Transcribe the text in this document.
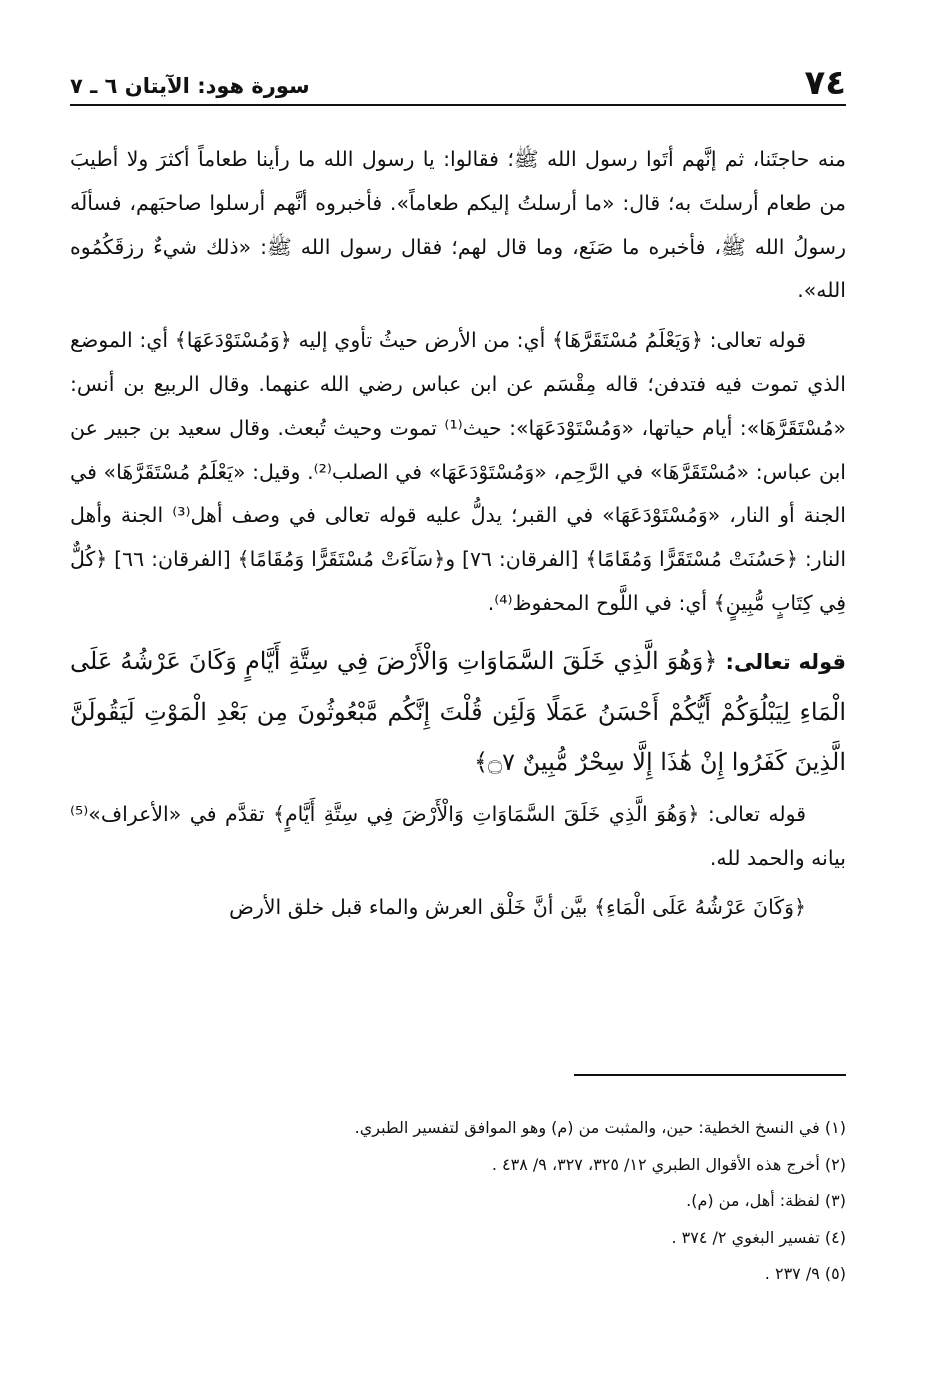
٧٤
سورة هود: الآيتان ٦ ـ ٧

منه حاجتَنا، ثم إنَّهم أتَوا رسول الله ﷺ؛ فقالوا: يا رسول الله ما رأينا طعاماً أكثرَ ولا أطيبَ من طعام أرسلتَ به؛ قال: «ما أرسلتُ إليكم طعاماً». فأخبروه أنَّهم أرسلوا صاحبَهم، فسألَه رسولُ الله ﷺ، فأخبره ما صَنَع، وما قال لهم؛ فقال رسول الله ﷺ: «ذلك شيءٌ رزقَكُمُوه الله».

قوله تعالى: ﴿وَيَعْلَمُ مُسْتَقَرَّهَا﴾ أي: من الأرض حيثُ تأوي إليه ﴿وَمُسْتَوْدَعَهَا﴾ أي: الموضع الذي تموت فيه فتدفن؛ قاله مِقْسَم عن ابن عباس رضي الله عنهما. وقال الربيع بن أنس: «مُسْتَقَرَّهَا»: أيام حياتها، «وَمُسْتَوْدَعَهَا»: حيث⁽¹⁾ تموت وحيث تُبعث. وقال سعيد بن جبير عن ابن عباس: «مُسْتَقَرَّهَا» في الرَّحِم، «وَمُسْتَوْدَعَهَا» في الصلب⁽²⁾. وقيل: «يَعْلَمُ مُسْتَقَرَّهَا» في الجنة أو النار، «وَمُسْتَوْدَعَهَا» في القبر؛ يدلُّ عليه قوله تعالى في وصف أهل⁽³⁾ الجنة وأهل النار: ﴿حَسُنَتْ مُسْتَقَرًّا وَمُقَامًا﴾ [الفرقان: ٧٦] و﴿سَآءَتْ مُسْتَقَرًّا وَمُقَامًا﴾ [الفرقان: ٦٦] ﴿كُلٌّ فِي كِتَابٍ مُّبِينٍ﴾ أي: في اللَّوح المحفوظ⁽⁴⁾.

قوله تعالى: ﴿وَهُوَ الَّذِي خَلَقَ السَّمَاوَاتِ وَالْأَرْضَ فِي سِتَّةِ أَيَّامٍ وَكَانَ عَرْشُهُ عَلَى الْمَاءِ لِيَبْلُوَكُمْ أَيُّكُمْ أَحْسَنُ عَمَلًا وَلَئِن قُلْتَ إِنَّكُم مَّبْعُوثُونَ مِن بَعْدِ الْمَوْتِ لَيَقُولَنَّ الَّذِينَ كَفَرُوا إِنْ هَٰذَا إِلَّا سِحْرٌ مُّبِينٌ ۝٧﴾

قوله تعالى: ﴿وَهُوَ الَّذِي خَلَقَ السَّمَاوَاتِ وَالْأَرْضَ فِي سِتَّةِ أَيَّامٍ﴾ تقدَّم في «الأعراف»⁽⁵⁾ بيانه والحمد لله.

﴿وَكَانَ عَرْشُهُ عَلَى الْمَاءِ﴾ بيَّن أنَّ خَلْق العرش والماء قبل خلق الأرض

(١) في النسخ الخطية: حين، والمثبت من (م) وهو الموافق لتفسير الطبري.

(٢) أخرج هذه الأقوال الطبري ١٢/ ٣٢٥، ٣٢٧، ٩/ ٤٣٨ .

(٣) لفظة: أهل، من (م).

(٤) تفسير البغوي ٢/ ٣٧٤ .

(٥) ٩/ ٢٣٧ .
